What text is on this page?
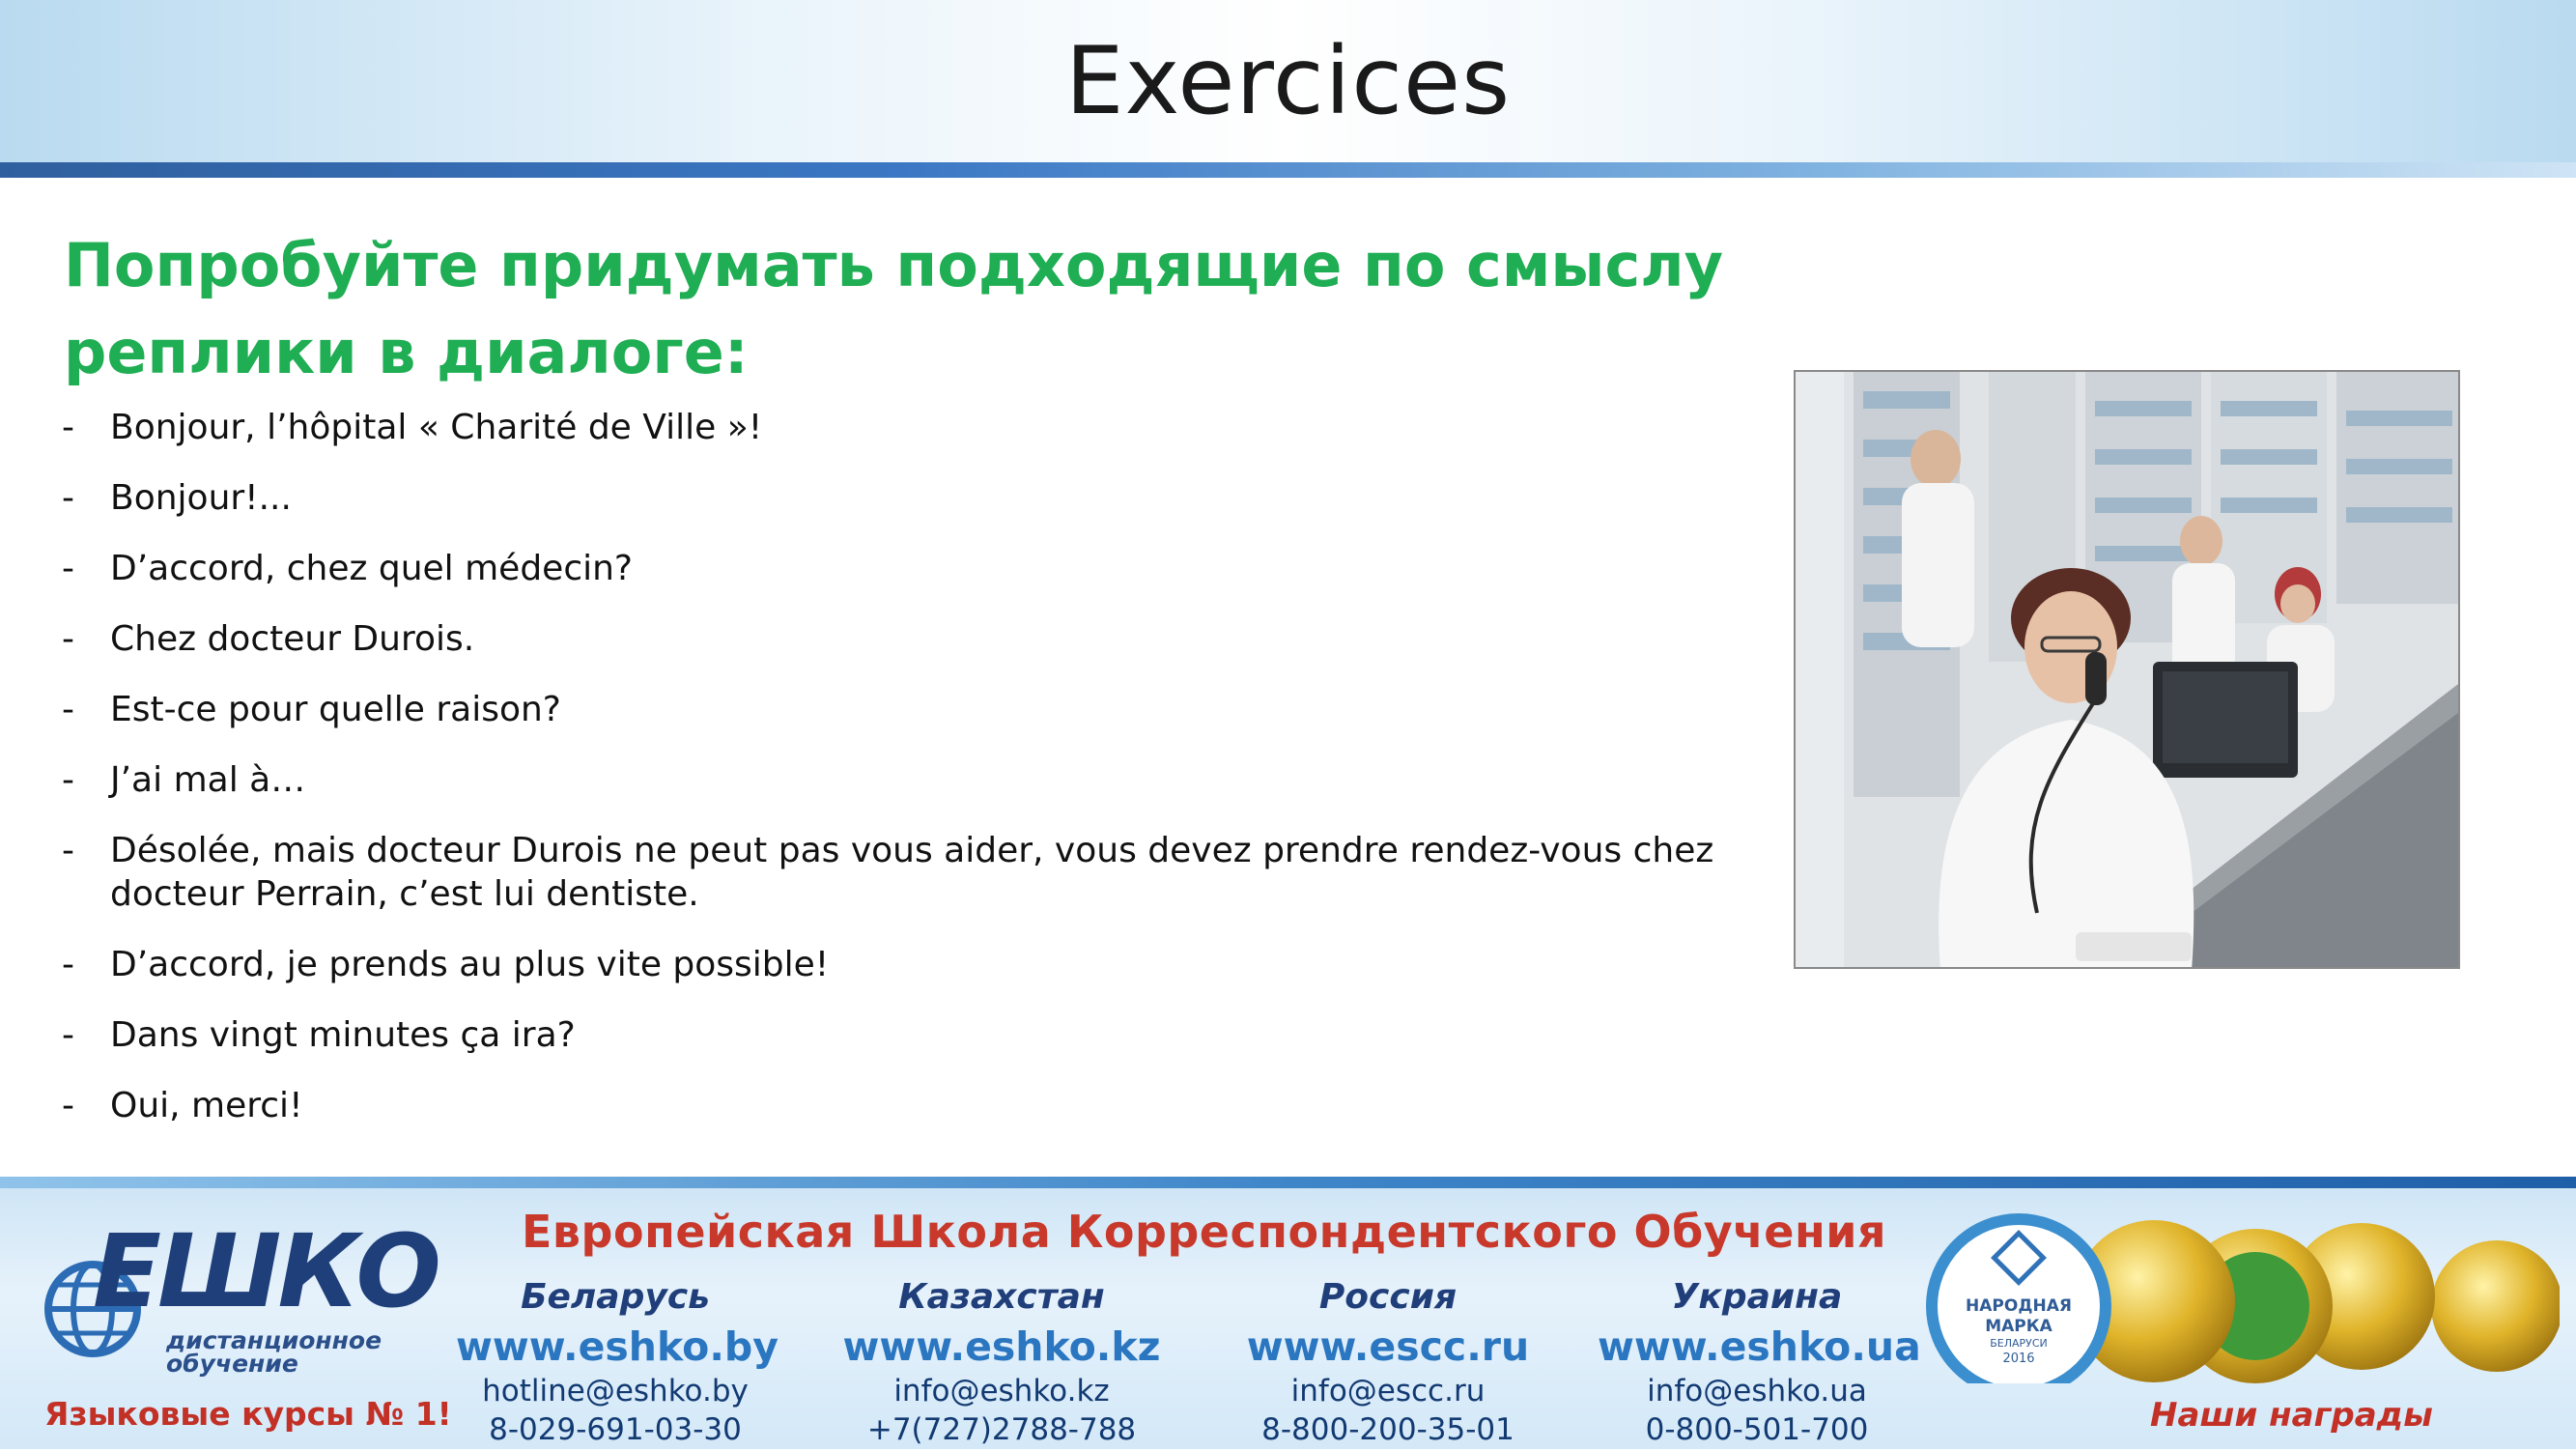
Exercices
Попробуйте придумать подходящие по смыслу реплики в диалоге:
- Bonjour, l’hôpital « Charité de Ville »!
- Bonjour!...
- D’accord, chez quel médecin?
- Chez docteur Durois.
- Est-ce pour quelle raison?
- J’ai mal à…
- Désolée, mais docteur Durois ne peut pas vous aider, vous devez prendre rendez-vous chez docteur Perrain, c’est lui dentiste.
- D’accord, je prends au plus vite possible!
- Dans vingt minutes ça ira?
- Oui, merci!
ЕШКО
дистанционное
обучение
Языковые курсы № 1!
Европейская Школа Корреспондентского Обучения
Беларусь
www.eshko.by
hotline@eshko.by
8-029-691-03-30
Казахстан
www.eshko.kz
info@eshko.kz
+7(727)2788-788
Россия
www.escc.ru
info@escc.ru
8-800-200-35-01
Украина
www.eshko.ua
info@eshko.ua
0-800-501-700
НАРОДНАЯ
МАРКА
БЕЛАРУСИ
2016
Наши награды
